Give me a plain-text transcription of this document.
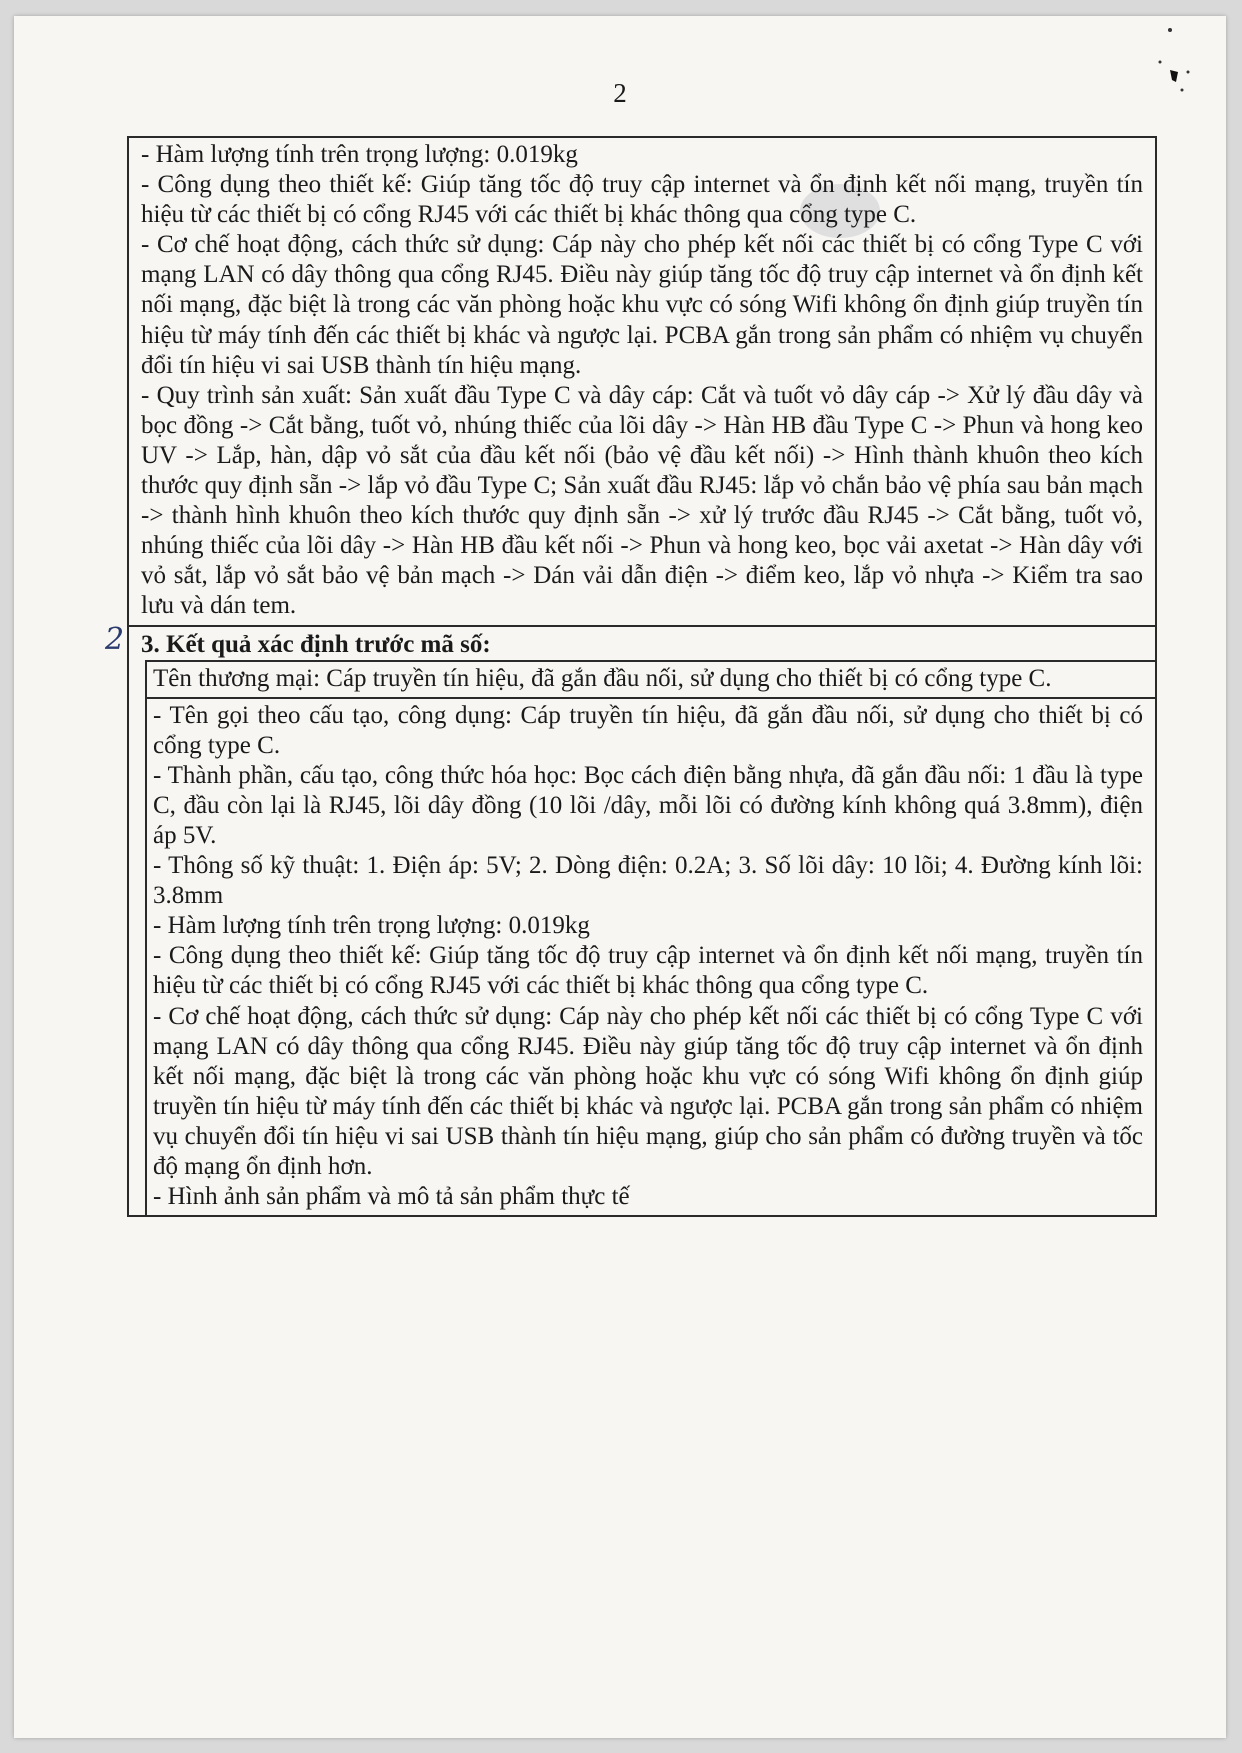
2

- Hàm lượng tính trên trọng lượng: 0.019kg

- Công dụng theo thiết kế: Giúp tăng tốc độ truy cập internet và ổn định kết nối mạng, truyền tín hiệu từ các thiết bị có cổng RJ45 với các thiết bị khác thông qua cổng type C.

- Cơ chế hoạt động, cách thức sử dụng: Cáp này cho phép kết nối các thiết bị có cổng Type C với mạng LAN có dây thông qua cổng RJ45. Điều này giúp tăng tốc độ truy cập internet và ổn định kết nối mạng, đặc biệt là trong các văn phòng hoặc khu vực có sóng Wifi không ổn định giúp truyền tín hiệu từ máy tính đến các thiết bị khác và ngược lại. PCBA gắn trong sản phẩm có nhiệm vụ chuyển đổi tín hiệu vi sai USB thành tín hiệu mạng.

- Quy trình sản xuất: Sản xuất đầu Type C và dây cáp: Cắt và tuốt vỏ dây cáp -> Xử lý đầu dây và bọc đồng -> Cắt bằng, tuốt vỏ, nhúng thiếc của lõi dây -> Hàn HB đầu Type C -> Phun và hong keo UV -> Lắp, hàn, dập vỏ sắt của đầu kết nối (bảo vệ đầu kết nối) -> Hình thành khuôn theo kích thước quy định sẵn -> lắp vỏ đầu Type C; Sản xuất đầu RJ45: lắp vỏ chắn bảo vệ phía sau bản mạch -> thành hình khuôn theo kích thước quy định sẵn -> xử lý trước đầu RJ45 -> Cắt bằng, tuốt vỏ, nhúng thiếc của lõi dây -> Hàn HB đầu kết nối -> Phun và hong keo, bọc vải axetat -> Hàn dây với vỏ sắt, lắp vỏ sắt bảo vệ bản mạch -> Dán vải dẫn điện -> điểm keo, lắp vỏ nhựa -> Kiểm tra sao lưu và dán tem.

2 3. Kết quả xác định trước mã số:

Tên thương mại: Cáp truyền tín hiệu, đã gắn đầu nối, sử dụng cho thiết bị có cổng type C.

- Tên gọi theo cấu tạo, công dụng: Cáp truyền tín hiệu, đã gắn đầu nối, sử dụng cho thiết bị có cổng type C.

- Thành phần, cấu tạo, công thức hóa học: Bọc cách điện bằng nhựa, đã gắn đầu nối: 1 đầu là type C, đầu còn lại là RJ45, lõi dây đồng (10 lõi /dây, mỗi lõi có đường kính không quá 3.8mm), điện áp 5V.

- Thông số kỹ thuật: 1. Điện áp: 5V; 2. Dòng điện: 0.2A; 3. Số lõi dây: 10 lõi; 4. Đường kính lõi: 3.8mm

- Hàm lượng tính trên trọng lượng: 0.019kg

- Công dụng theo thiết kế: Giúp tăng tốc độ truy cập internet và ổn định kết nối mạng, truyền tín hiệu từ các thiết bị có cổng RJ45 với các thiết bị khác thông qua cổng type C.

- Cơ chế hoạt động, cách thức sử dụng: Cáp này cho phép kết nối các thiết bị có cổng Type C với mạng LAN có dây thông qua cổng RJ45. Điều này giúp tăng tốc độ truy cập internet và ổn định kết nối mạng, đặc biệt là trong các văn phòng hoặc khu vực có sóng Wifi không ổn định giúp truyền tín hiệu từ máy tính đến các thiết bị khác và ngược lại. PCBA gắn trong sản phẩm có nhiệm vụ chuyển đổi tín hiệu vi sai USB thành tín hiệu mạng, giúp cho sản phẩm có đường truyền và tốc độ mạng ổn định hơn.

- Hình ảnh sản phẩm và mô tả sản phẩm thực tế
